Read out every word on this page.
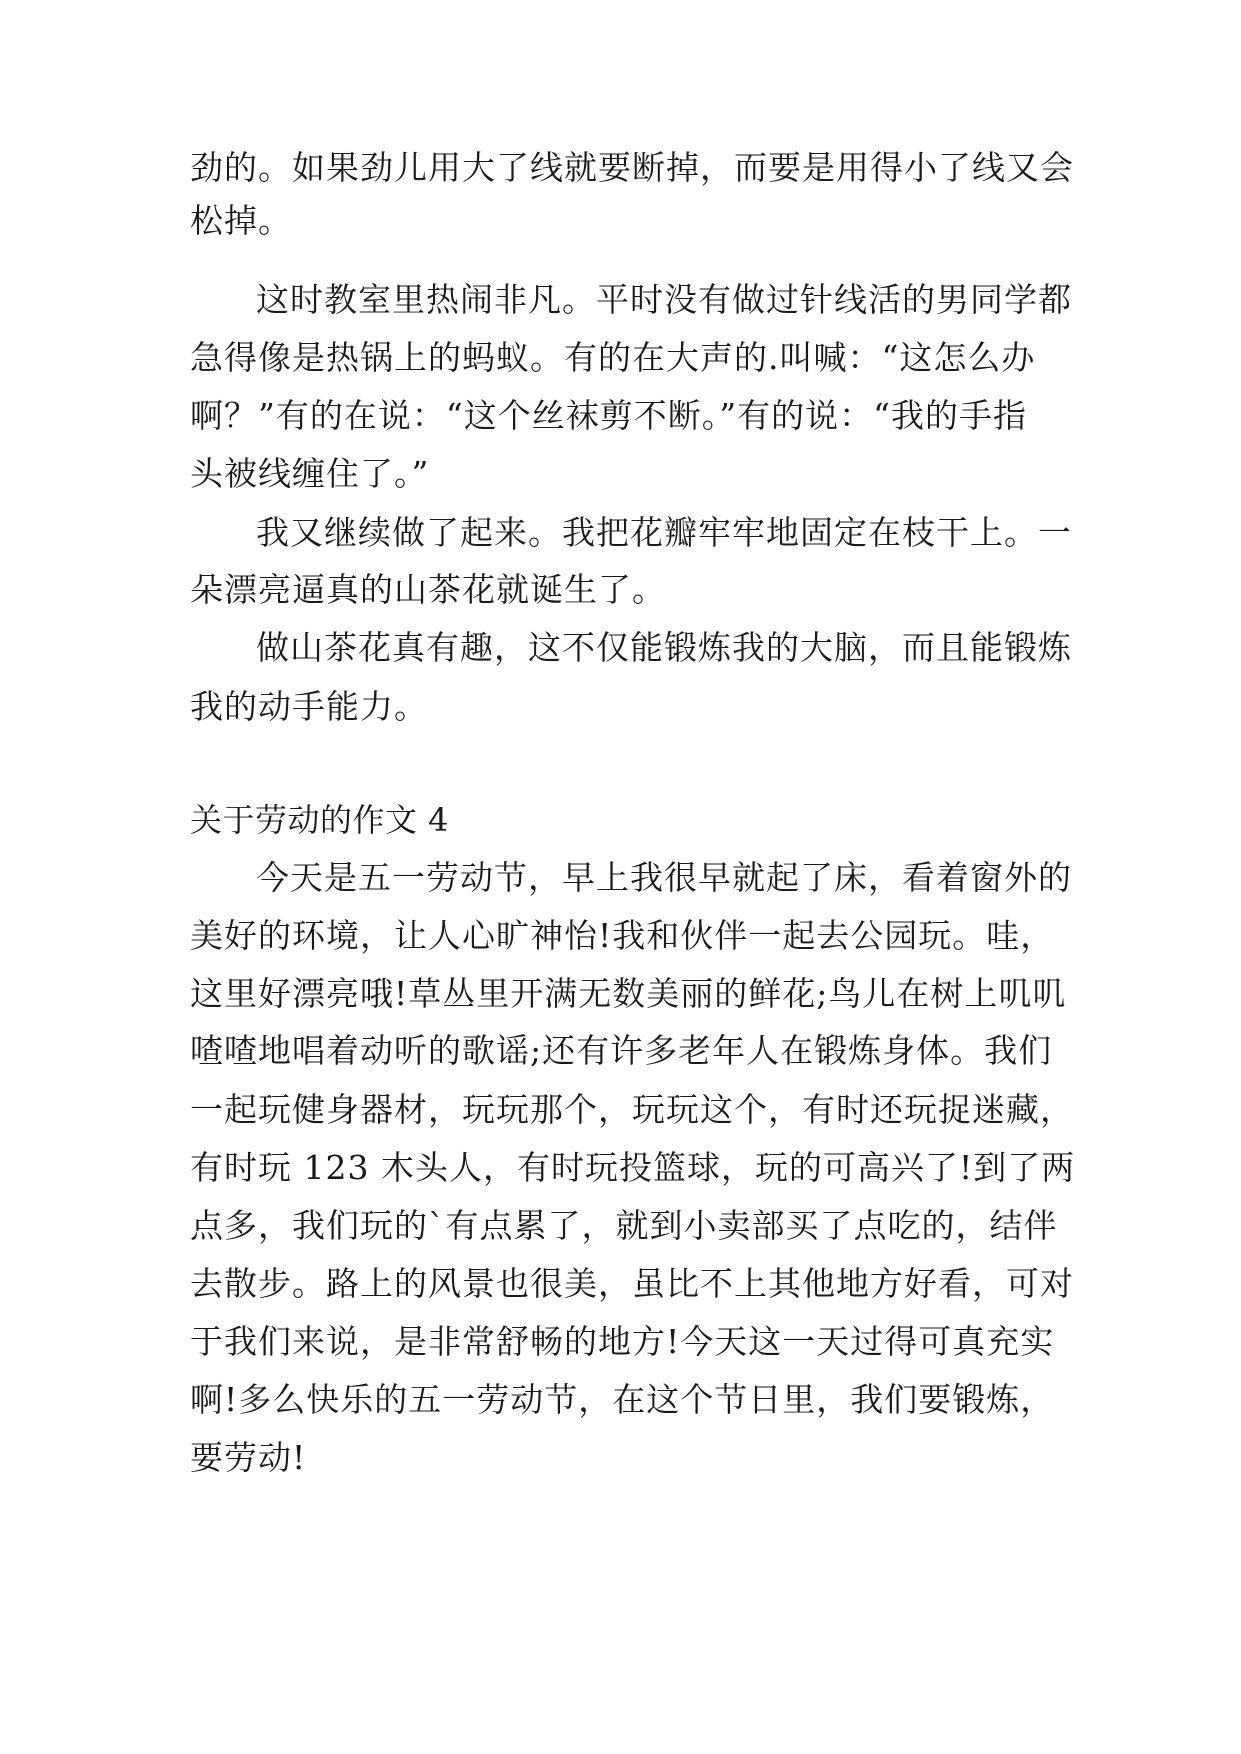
劲的。如果劲儿用大了线就要断掉，而要是用得小了线又会
松掉。
这时教室里热闹非凡。平时没有做过针线活的男同学都
急得像是热锅上的蚂蚁。有的在大声的.叫喊：“这怎么办
啊？”有的在说：“这个丝袜剪不断。”有的说：“我的手指
头被线缠住了。”
我又继续做了起来。我把花瓣牢牢地固定在枝干上。一
朵漂亮逼真的山茶花就诞生了。
做山茶花真有趣，这不仅能锻炼我的大脑，而且能锻炼
我的动手能力。
关于劳动的作文 4
今天是五一劳动节，早上我很早就起了床，看着窗外的
美好的环境，让人心旷神怡!我和伙伴一起去公园玩。哇，
这里好漂亮哦!草丛里开满无数美丽的鲜花;鸟儿在树上叽叽
喳喳地唱着动听的歌谣;还有许多老年人在锻炼身体。我们
一起玩健身器材，玩玩那个，玩玩这个，有时还玩捉迷藏，
有时玩 123 木头人，有时玩投篮球，玩的可高兴了!到了两
点多，我们玩的`有点累了，就到小卖部买了点吃的，结伴
去散步。路上的风景也很美，虽比不上其他地方好看，可对
于我们来说，是非常舒畅的地方!今天这一天过得可真充实
啊!多么快乐的五一劳动节，在这个节日里，我们要锻炼，
要劳动!
